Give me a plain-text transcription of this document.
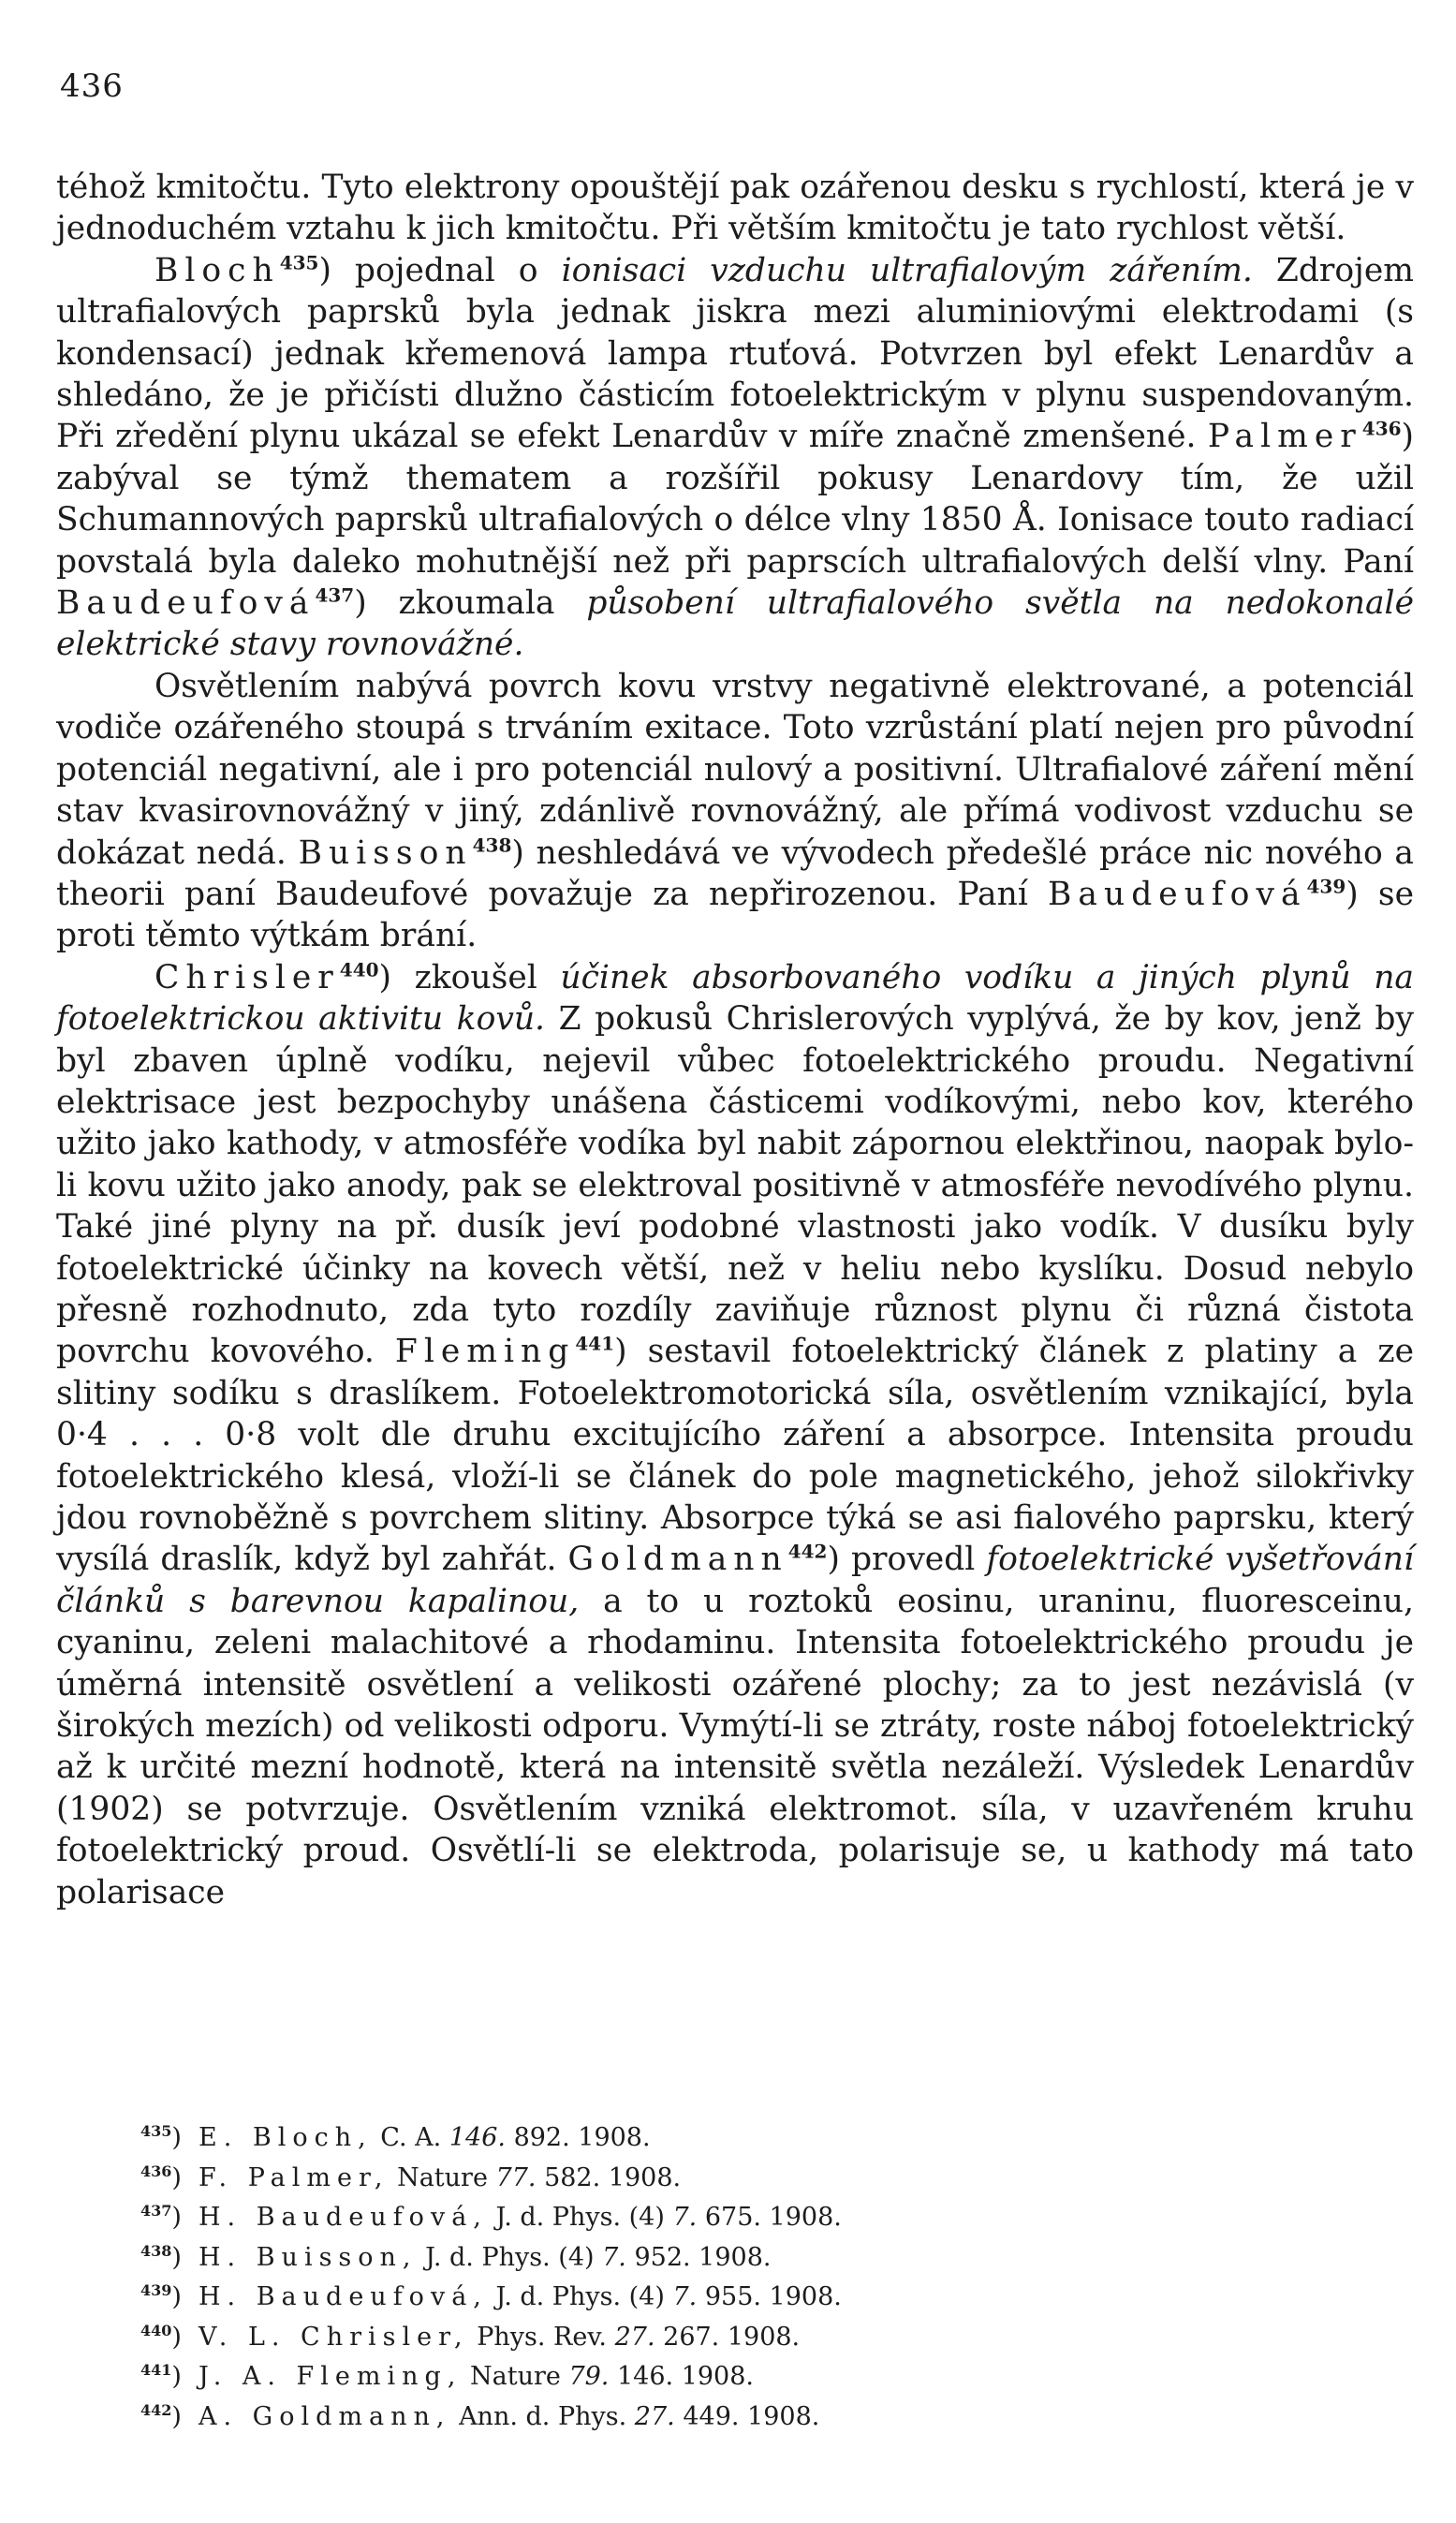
436

téhož kmitočtu. Tyto elektrony opouštějí pak ozářenou desku s rychlostí, která je v jednoduchém vztahu k jich kmitočtu. Při větším kmitočtu je tato rychlost větší.

Bloch$^{435}$) pojednal o ionisaci vzduchu ultrafialovým zářením. Zdrojem ultrafialových paprsků byla jednak jiskra mezi aluminiovými elektrodami (s kondensací) jednak křemenová lampa rtuťová. Potvrzen byl efekt Lenardův a shledáno, že je přičísti dlužno částicím fotoelektrickým v plynu suspendovaným. Při zředění plynu ukázal se efekt Lenardův v míře značně zmenšené. Palmer$^{436}$) zabýval se týmž thematem a rozšířil pokusy Lenardovy tím, že užil Schumannových paprsků ultrafialových o délce vlny 1850 Å. Ionisace touto radiací povstalá byla daleko mohutnější než při paprscích ultrafialových delší vlny. Paní Baudeufová$^{437}$) zkoumala působení ultrafialového světla na nedokonalé elektrické stavy rovnovážné.

Osvětlením nabývá povrch kovu vrstvy negativně elektrované, a potenciál vodiče ozářeného stoupá s trváním exitace. Toto vzrůstání platí nejen pro původní potenciál negativní, ale i pro potenciál nulový a positivní. Ultrafialové záření mění stav kvasirovnovážný v jiný, zdánlivě rovnovážný, ale přímá vodivost vzduchu se dokázat nedá. Buisson$^{438}$) neshledává ve vývodech předešlé práce nic nového a theorii paní Baudeufové považuje za nepřirozenou. Paní Baudeufová$^{439}$) se proti těmto výtkám brání.

Chrisler$^{440}$) zkoušel účinek absorbovaného vodíku a jiných plynů na fotoelektrickou aktivitu kovů. Z pokusů Chrislerových vyplývá, že by kov, jenž by byl zbaven úplně vodíku, nejevil vůbec fotoelektrického proudu. Negativní elektrisace jest bezpochyby unášena částicemi vodíkovými, nebo kov, kterého užito jako kathody, v atmosféře vodíka byl nabit zápornou elektřinou, naopak bylo-li kovu užito jako anody, pak se elektroval positivně v atmosféře nevodívého plynu. Také jiné plyny na př. dusík jeví podobné vlastnosti jako vodík. V dusíku byly fotoelektrické účinky na kovech větší, než v heliu nebo kyslíku. Dosud nebylo přesně rozhodnuto, zda tyto rozdíly zaviňuje různost plynu či různá čistota povrchu kovového. Fleming$^{441}$) sestavil fotoelektrický článek z platiny a ze slitiny sodíku s draslíkem. Fotoelektromotorická síla, osvětlením vznikající, byla 0·4 . . . 0·8 volt dle druhu excitujícího záření a absorpce. Intensita proudu fotoelektrického klesá, vloží-li se článek do pole magnetického, jehož silokřivky jdou rovnoběžně s povrchem slitiny. Absorpce týká se asi fialového paprsku, který vysílá draslík, když byl zahřát. Goldmann$^{442}$) provedl fotoelektrické vyšetřování článků s barevnou kapalinou, a to u roztoků eosinu, uraninu, fluoresceinu, cyaninu, zeleni malachitové a rhodaminu. Intensita fotoelektrického proudu je úměrná intensitě osvětlení a velikosti ozářené plochy; za to jest nezávislá (v širokých mezích) od velikosti odporu. Vymýtí-li se ztráty, roste náboj fotoelektrický až k určité mezní hodnotě, která na intensitě světla nezáleží. Výsledek Lenardův (1902) se potvrzuje. Osvětlením vzniká elektromot. síla, v uzavřeném kruhu fotoelektrický proud. Osvětlí-li se elektroda, polarisuje se, u kathody má tato polarisace

$^{435}$) E. Bloch, C. A. 146. 892. 1908.
$^{436}$) F. Palmer, Nature 77. 582. 1908.
$^{437}$) H. Baudeufová, J. d. Phys. (4) 7. 675. 1908.
$^{438}$) H. Buisson, J. d. Phys. (4) 7. 952. 1908.
$^{439}$) H. Baudeufová, J. d. Phys. (4) 7. 955. 1908.
$^{440}$) V. L. Chrisler, Phys. Rev. 27. 267. 1908.
$^{441}$) J. A. Fleming, Nature 79. 146. 1908.
$^{442}$) A. Goldmann, Ann. d. Phys. 27. 449. 1908.
